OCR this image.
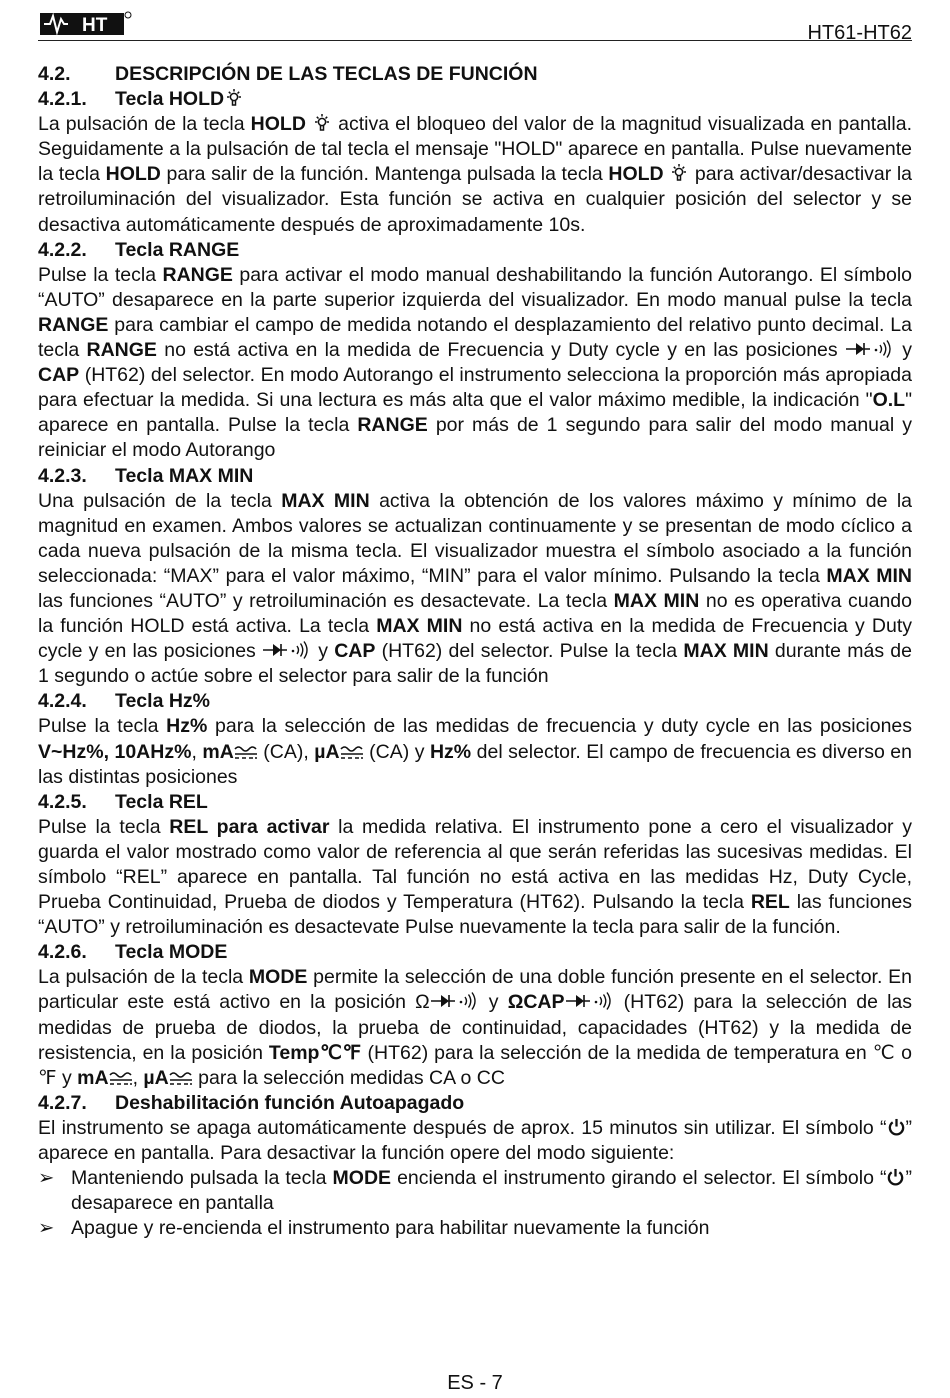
HT	HT61-HT62

4.2. DESCRIPCIÓN DE LAS TECLAS DE FUNCIÓN

4.2.1. Tecla HOLD

La pulsación de la tecla HOLD  activa el bloqueo del valor de la magnitud visualizada en pantalla. Seguidamente a la pulsación de tal tecla el mensaje "HOLD" aparece en pantalla. Pulse nuevamente la tecla HOLD para salir de la función. Mantenga pulsada la tecla HOLD  para activar/desactivar la retroiluminación del visualizador. Esta función se activa en cualquier posición del selector y se desactiva automáticamente después de aproximadamente 10s.

4.2.2. Tecla RANGE

Pulse la tecla RANGE para activar el modo manual deshabilitando la función Autorango. El símbolo “AUTO” desaparece en la parte superior izquierda del visualizador. En modo manual pulse la tecla RANGE para cambiar el campo de medida notando el desplazamiento del relativo punto decimal. La tecla RANGE no está activa en la medida de Frecuencia y Duty cycle y en las posiciones	y CAP (HT62) del selector. En modo Autorango el instrumento selecciona la proporción más apropiada para efectuar la medida. Si una lectura es más alta que el valor máximo medible, la indicación "O.L" aparece en pantalla. Pulse la tecla RANGE por más de 1 segundo para salir del modo manual y reiniciar el modo Autorango

4.2.3. Tecla MAX MIN

Una pulsación de la tecla MAX MIN activa la obtención de los valores máximo y mínimo de la magnitud en examen. Ambos valores se actualizan continuamente y se presentan de modo cíclico a cada nueva pulsación de la misma tecla. El visualizador muestra el símbolo asociado a la función seleccionada: “MAX” para el valor máximo, “MIN” para el valor mínimo. Pulsando la tecla MAX MIN las funciones “AUTO” y retroiluminación es desactevate. La tecla MAX MIN no es operativa cuando la función HOLD está activa. La tecla MAX MIN no está activa en la medida de Frecuencia y Duty cycle y en las posiciones	y CAP (HT62) del selector. Pulse la tecla MAX MIN durante más de 1 segundo o actúe sobre el selector para salir de la función

4.2.4. Tecla Hz%

Pulse la tecla Hz% para la selección de las medidas de frecuencia y duty cycle en las posiciones V~Hz%, 10AHz%, mA (CA), µA (CA) y Hz% del selector. El campo de frecuencia es diverso en las distintas posiciones

4.2.5. Tecla REL

Pulse la tecla REL para activar la medida relativa. El instrumento pone a cero el visualizador y guarda el valor mostrado como valor de referencia al que serán referidas las sucesivas medidas. El símbolo “REL” aparece en pantalla. Tal función no está activa en las medidas Hz, Duty Cycle, Prueba Continuidad, Prueba de diodos y Temperatura (HT62). Pulsando la tecla REL las funciones “AUTO” y retroiluminación es desactevate Pulse nuevamente la tecla para salir de la función.

4.2.6. Tecla MODE

La pulsación de la tecla MODE permite la selección de una doble función presente en el selector. En particular este está activo en la posición Ω	y ΩCAP	(HT62) para la selección de las medidas de prueba de diodos, la prueba de continuidad, capacidades (HT62) y la medida de resistencia, en la posición Temp℃℉ (HT62) para la selección de la medida de temperatura en ℃ o ℉ y mA , µA para la selección medidas CA o CC

4.2.7. Deshabilitación función Autoapagado

El instrumento se apaga automáticamente después de aprox. 15 minutos sin utilizar. El símbolo “ ” aparece en pantalla. Para desactivar la función opere del modo siguiente:

➢ Manteniendo pulsada la tecla MODE encienda el instrumento girando el selector. El símbolo “ ” desaparece en pantalla

➢ Apague y re-encienda el instrumento para habilitar nuevamente la función

ES - 7
